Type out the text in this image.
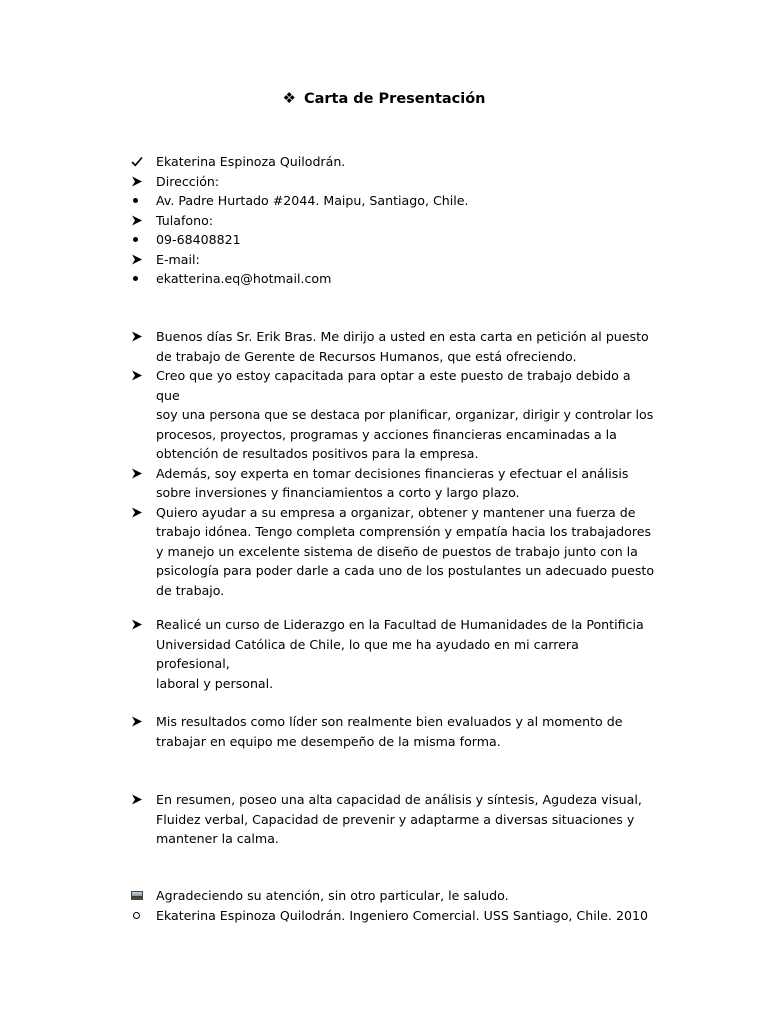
❖ Carta de Presentación
Ekaterina Espinoza Quilodrán.
Dirección:
Av. Padre Hurtado #2044. Maipu, Santiago, Chile.
Tulafono:
09-68408821
E-mail:
ekatterina.eq@hotmail.com
Buenos días Sr. Erik Bras. Me dirijo a usted en esta carta en petición al puesto
de trabajo de Gerente de Recursos Humanos, que está ofreciendo.
Creo que yo estoy capacitada para optar a este puesto de trabajo debido a que
soy una persona que se destaca por planificar, organizar, dirigir y controlar los
procesos, proyectos, programas y acciones financieras encaminadas a la
obtención de resultados positivos para la empresa.
Además, soy experta en tomar decisiones financieras y efectuar el análisis
sobre inversiones y financiamientos a corto y largo plazo.
Quiero ayudar a su empresa a organizar, obtener y mantener una fuerza de
trabajo idónea. Tengo completa comprensión y empatía hacia los trabajadores
y manejo un excelente sistema de diseño de puestos de trabajo junto con la
psicología para poder darle a cada uno de los postulantes un adecuado puesto
de trabajo.
Realicé un curso de Liderazgo en la Facultad de Humanidades de la Pontificia
Universidad Católica de Chile, lo que me ha ayudado en mi carrera profesional,
laboral y personal.
Mis resultados como líder son realmente bien evaluados y al momento de
trabajar en equipo me desempeño de la misma forma.
En resumen, poseo una alta capacidad de análisis y síntesis, Agudeza visual,
Fluidez verbal, Capacidad de prevenir y adaptarme a diversas situaciones y
mantener la calma.
Agradeciendo su atención, sin otro particular, le saludo.
Ekaterina Espinoza Quilodrán. Ingeniero Comercial. USS Santiago, Chile. 2010
